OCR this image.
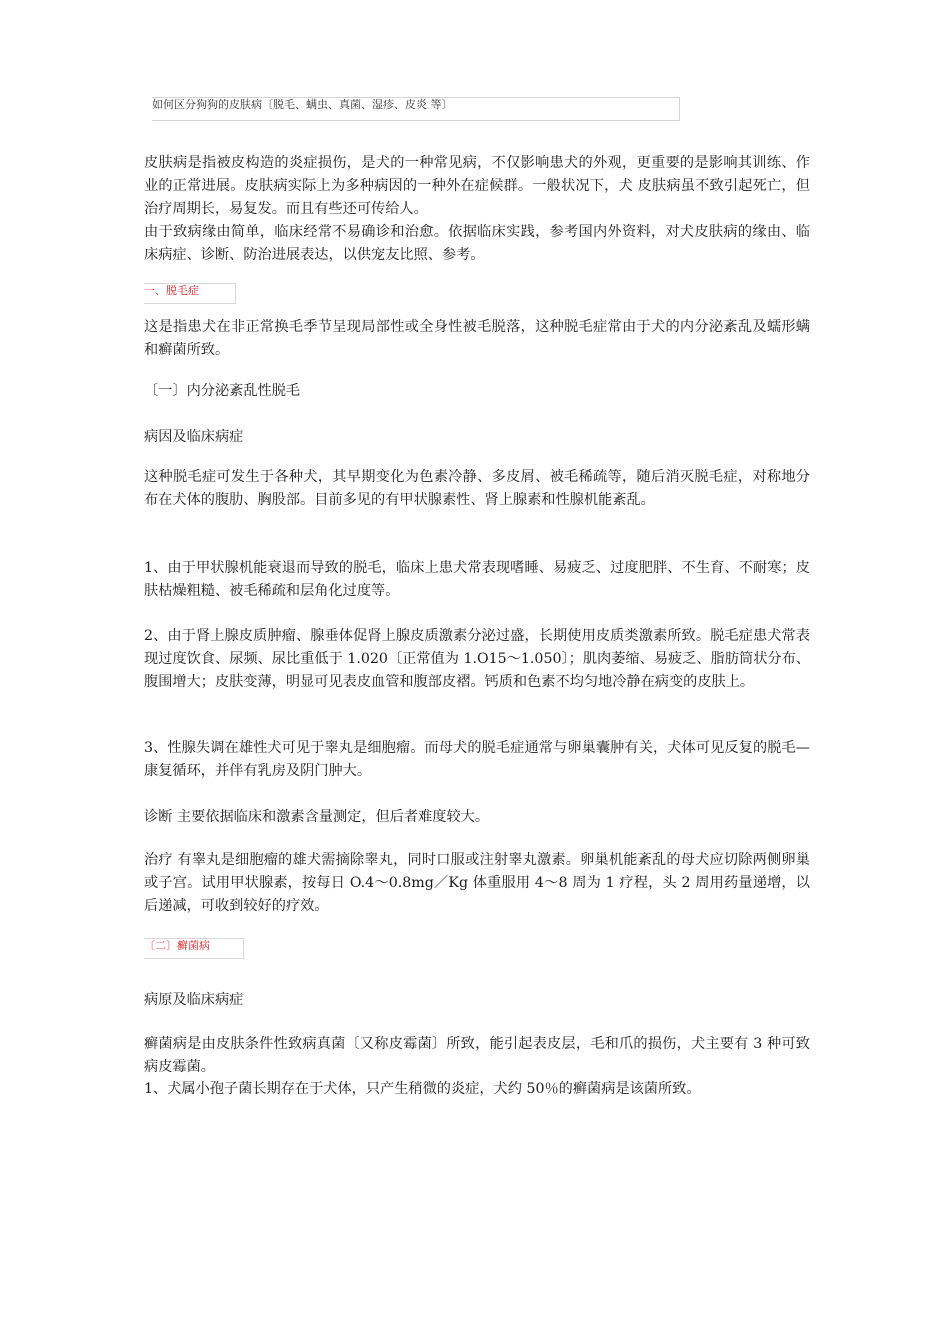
如何区分狗狗的皮肤病〔脱毛、螨虫、真菌、湿疹、皮炎 等〕

皮肤病是指被皮构造的炎症损伤，是犬的一种常见病，不仅影响患犬的外观，更重要的是影响其训练、作业的正常进展。皮肤病实际上为多种病因的一种外在症候群。一般状况下，犬 皮肤病虽不致引起死亡，但治疗周期长，易复发。而且有些还可传给人。

由于致病缘由简单，临床经常不易确诊和治愈。依据临床实践，参考国内外资料，对犬皮肤病的缘由、临床病症、诊断、防治进展表达，以供宠友比照、参考。

一、脱毛症

这是指患犬在非正常换毛季节呈现局部性或全身性被毛脱落，这种脱毛症常由于犬的内分泌紊乱及蠕形螨和癣菌所致。

〔一〕内分泌紊乱性脱毛

病因及临床病症

这种脱毛症可发生于各种犬，其早期变化为色素冷静、多皮屑、被毛稀疏等，随后消灭脱毛症，对称地分布在犬体的腹肋、胸股部。目前多见的有甲状腺素性、肾上腺素和性腺机能紊乱。

1、由于甲状腺机能衰退而导致的脱毛，临床上患犬常表现嗜睡、易疲乏、过度肥胖、不生育、不耐寒；皮肤枯燥粗糙、被毛稀疏和层角化过度等。

2、由于肾上腺皮质肿瘤、腺垂体促肾上腺皮质激素分泌过盛，长期使用皮质类激素所致。脱毛症患犬常表现过度饮食、尿频、尿比重低于 1.020〔正常值为 1.O15～1.050〕；肌肉萎缩、易疲乏、脂肪筒状分布、腹围增大；皮肤变薄，明显可见表皮血管和腹部皮褶。钙质和色素不均匀地冷静在病变的皮肤上。

3、性腺失调在雄性犬可见于睾丸是细胞瘤。而母犬的脱毛症通常与卵巢囊肿有关，犬体可见反复的脱毛—康复循环，并伴有乳房及阴门肿大。

诊断 主要依据临床和激素含量测定，但后者难度较大。

治疗 有睾丸是细胞瘤的雄犬需摘除睾丸，同时口服或注射睾丸激素。卵巢机能紊乱的母犬应切除两侧卵巢或子宫。试用甲状腺素，按每日 O.4～0.8mg／Kg 体重服用 4～8 周为 1 疗程，头 2 周用药量递增，以后递减，可收到较好的疗效。

〔二〕癣菌病

病原及临床病症

癣菌病是由皮肤条件性致病真菌〔又称皮霉菌〕所致，能引起表皮层，毛和爪的损伤，犬主要有 3 种可致病皮霉菌。

1、犬属小孢子菌长期存在于犬体，只产生稍微的炎症，犬约 50％的癣菌病是该菌所致。
